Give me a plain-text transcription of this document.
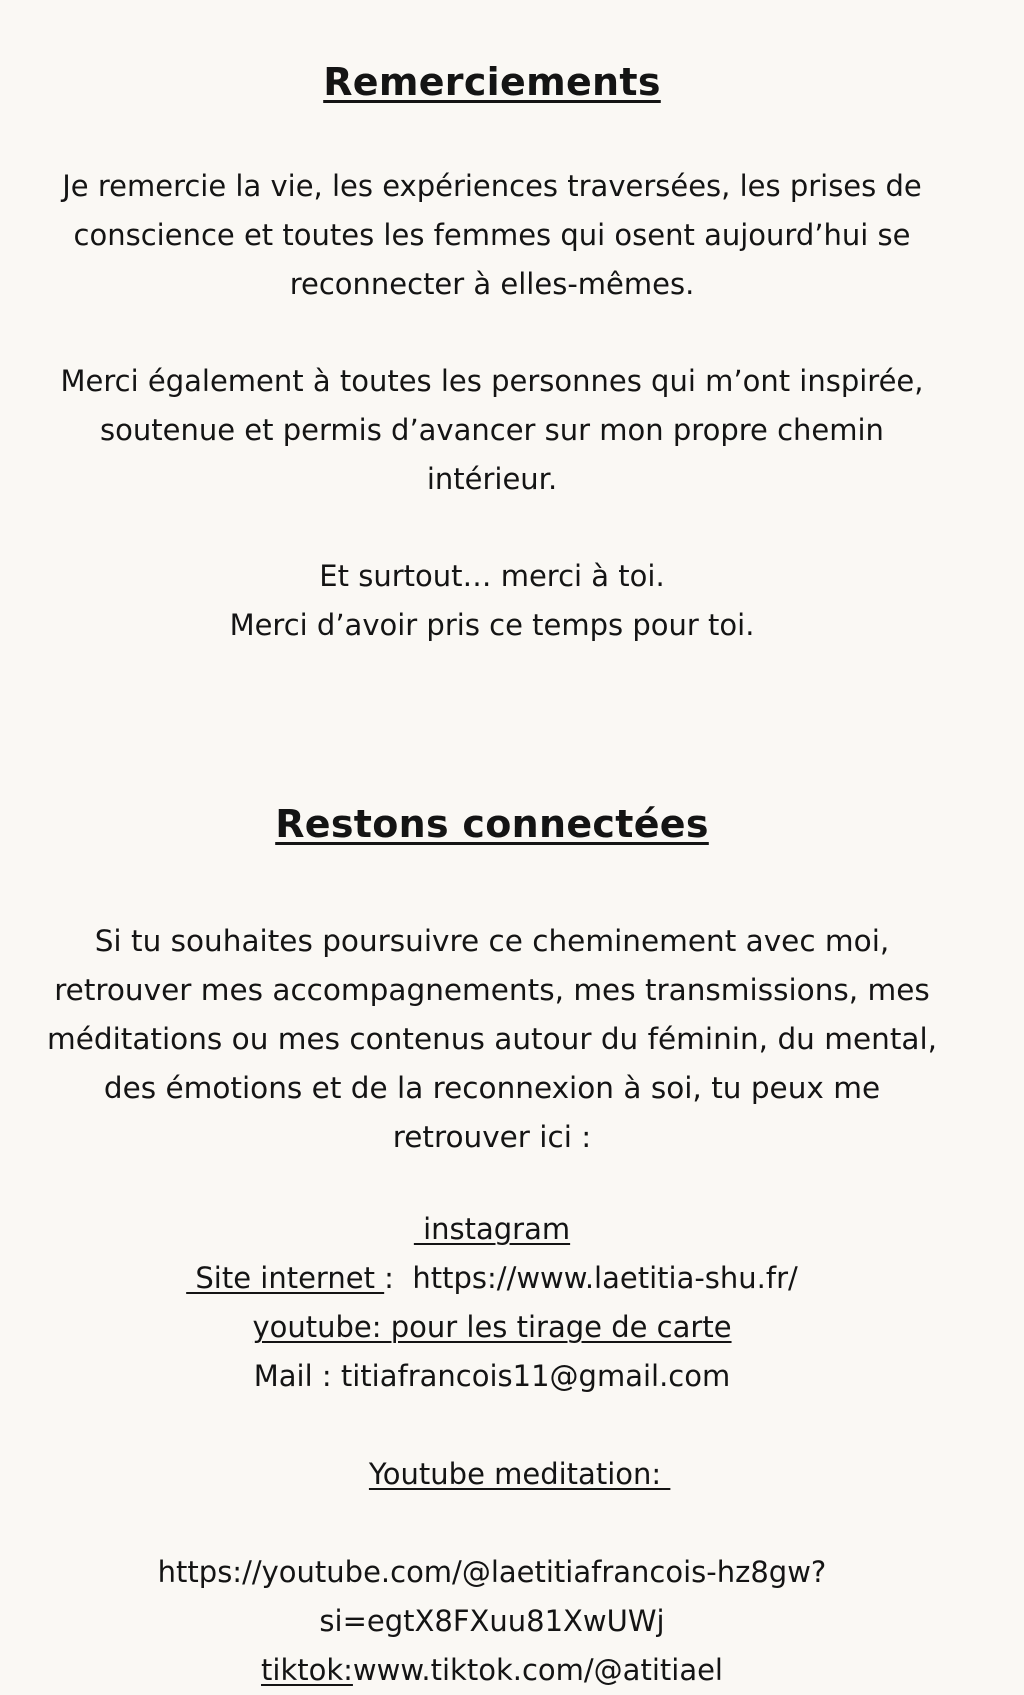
Remerciements
Je remercie la vie, les expériences traversées, les prises de
conscience et toutes les femmes qui osent aujourd’hui se
reconnecter à elles-mêmes.
Merci également à toutes les personnes qui m’ont inspirée,
soutenue et permis d’avancer sur mon propre chemin
intérieur.
Et surtout… merci à toi.
Merci d’avoir pris ce temps pour toi.
Restons connectées
Si tu souhaites poursuivre ce cheminement avec moi,
retrouver mes accompagnements, mes transmissions, mes
méditations ou mes contenus autour du féminin, du mental,
des émotions et de la reconnexion à soi, tu peux me
retrouver ici :
instagram
Site internet :  https://www.laetitia-shu.fr/
youtube: pour les tirage de carte
Mail : titiafrancois11@gmail.com

Youtube meditation:

https://youtube.com/@laetitiafrancois-hz8gw?
si=egtX8FXuu81XwUWj
tiktok:www.tiktok.com/@atitiael
